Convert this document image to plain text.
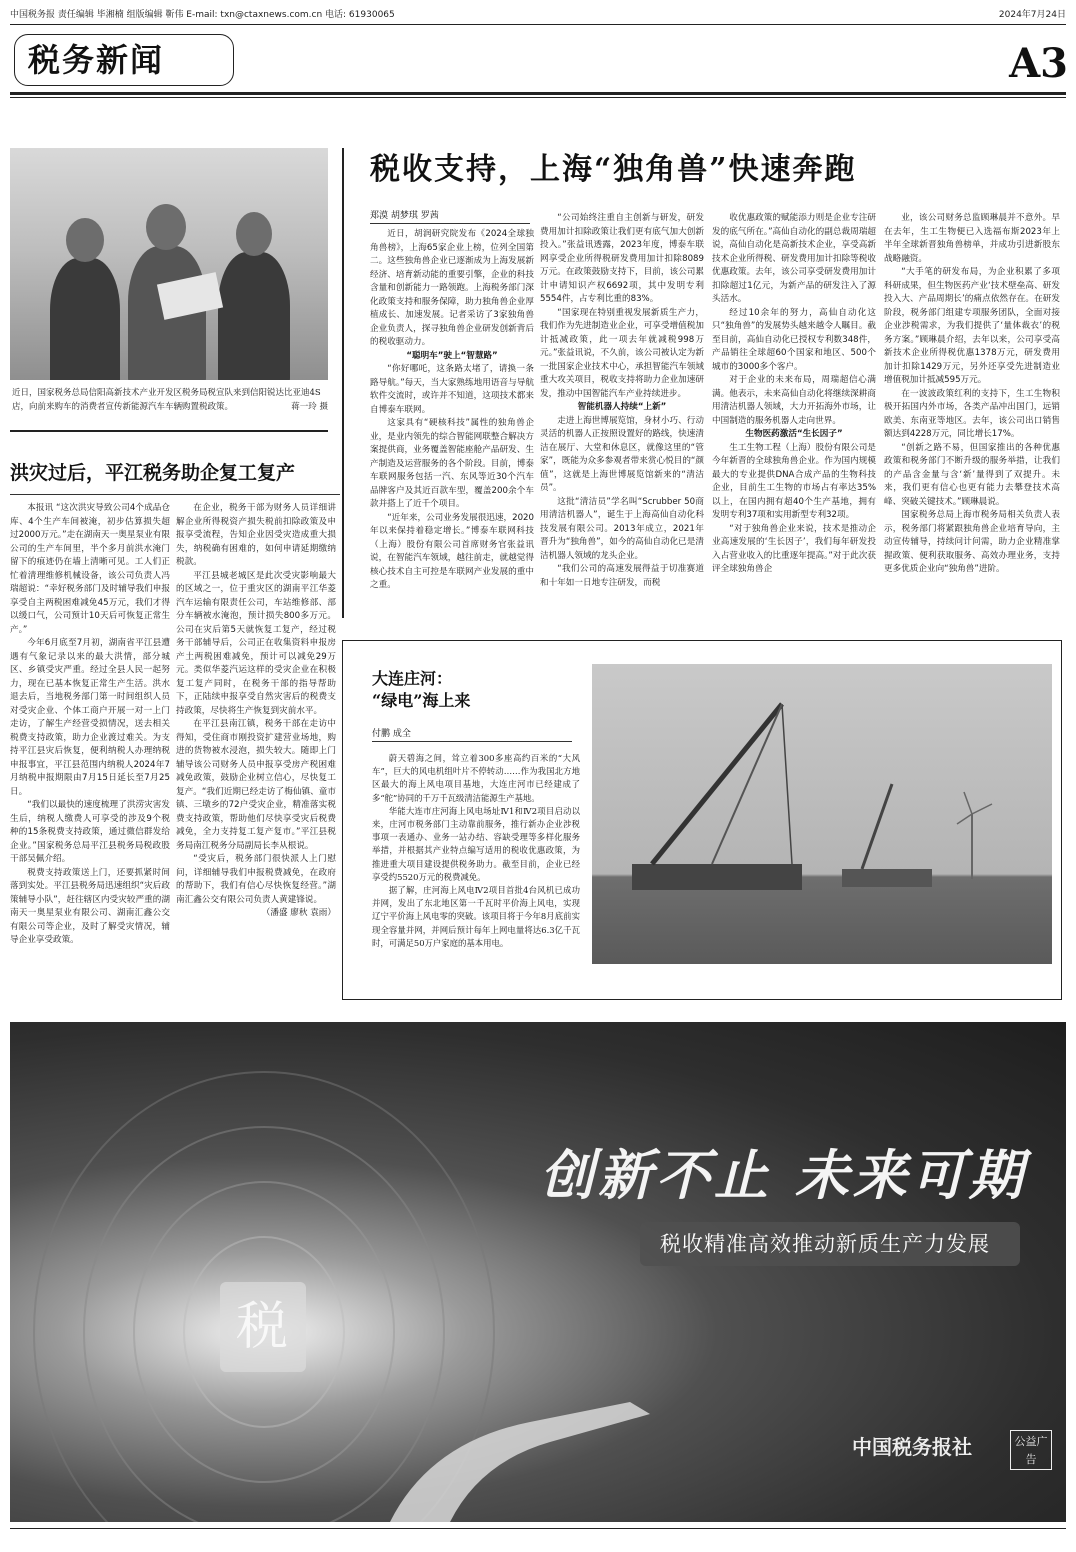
中国税务报 责任编辑 毕湘楠 组版编辑 靳伟 E-mail: txn@ctaxnews.com.cn 电话: 61930065	2024年7月24日
税务新闻	A3
近日，国家税务总局信阳高新技术产业开发区税务局税宣队来到信阳锐达比亚迪4S店，向前来购车的消费者宣传新能源汽车车辆购置税政策。	蒋一玲 摄
洪灾过后，平江税务助企复工复产

本报讯 “这次洪灾导致公司4个成品仓库、4个生产车间被淹，初步估算损失超过2000万元。”走在湖南天一奥星泵业有限公司的生产车间里，半个多月前洪水淹门留下的痕迹仍在墙上清晰可见。工人们正忙着清理维修机械设备，该公司负责人冯瑞超说：“幸好税务部门及时辅导我们申报享受自主两税困难减免45万元，我们才得以缓口气，公司预计10天后可恢复正常生产。”

今年6月底至7月初，湖南省平江县遭遇有气象记录以来的最大洪情，部分城区、乡镇受灾严重。经过全县人民一起努力，现在已基本恢复正常生产生活。洪水退去后，当地税务部门第一时间组织人员对受灾企业、个体工商户开展一对一上门走访，了解生产经营受损情况，送去相关税费支持政策，助力企业渡过难关。为支持平江县灾后恢复，便利纳税人办理纳税申报事宜，平江县范围内纳税人2024年7月纳税申报期限由7月15日延长至7月25日。

“我们以最快的速度梳理了洪涝灾害发生后，纳税人缴费人可享受的涉及9个税种的15条税费支持政策，通过微信群发给企业。”国家税务总局平江县税务局税政股干部吴佩介绍。

税费支持政策送上门，还要抓紧时间落到实处。平江县税务局迅速组织“灾后政策辅导小队”，赶往辖区内受灾较严重的湖南天一奥星泵业有限公司、湖南汇鑫公交有限公司等企业，及时了解受灾情况，辅导企业享受政策。

在企业，税务干部为财务人员详细讲解企业所得税资产损失税前扣除政策及申报享受流程，告知企业因受灾造成重大损失，纳税确有困难的，如何申请延期缴纳税款。

平江县城老城区是此次受灾影响最大的区域之一，位于重灾区的湖南平江华菱汽车运输有限责任公司，车站维修部、部分车辆被水淹泡，预计损失800多万元。公司在灾后第5天就恢复工复产，经过税务干部辅导后，公司正在收集资料申报房产土两税困难减免，预计可以减免29万元。类似华菱汽运这样的受灾企业在积极复工复产同时，在税务干部的指导帮助下，正陆续申报享受自然灾害后的税费支持政策，尽快将生产恢复到灾前水平。

在平江县南江镇，税务干部在走访中得知，受住商市刚投资扩建营业场地，购进的货物被水浸泡，损失较大。随即上门辅导该公司财务人员申报享受房产税困难减免政策，鼓励企业树立信心，尽快复工复产。“我们近期已经走访了梅仙镇、童市镇、三墩乡的72户受灾企业，精准落实税费支持政策，帮助他们尽快享受灾后税费减免，全力支持复工复产复市。”平江县税务局南江税务分局副局长李从根说。

“受灾后，税务部门很快派人上门慰问，详细辅导我们申报税费减免，在政府的帮助下，我们有信心尽快恢复经营。”湖南汇鑫公交有限公司负责人黄建锋说。

（潘盛 廖秋 袁雨）

税收支持，上海“独角兽”快速奔跑
郑漠 胡梦琪 罗茜

近日，胡润研究院发布《2024全球独角兽榜》，上海65家企业上榜，位列全国第二。这些独角兽企业已逐渐成为上海发展新经济、培育新动能的重要引擎，企业的科技含量和创新能力一路领跑。上海税务部门深化政策支持和服务保障，助力独角兽企业厚植成长、加速发展。记者采访了3家独角兽企业负责人，探寻独角兽企业研发创新背后的税收驱动力。

“聪明车”驶上“智慧路”

“你好哪吒，这条路太堵了，请换一条路导航。”每天，当大家熟练地用语音与导航软件交流时，或许并不知道，这项技术都来自博泰车联网。

这家具有“硬核科技”属性的独角兽企业，是业内领先的综合智能网联整合解决方案提供商，业务覆盖智能座舱产品研发、生产制造及运营服务的各个阶段。目前，博泰车联网服务包括一汽、东风等近30个汽车品牌客户及其近百款车型，覆盖200余个车款并搭上了近千个项目。

“近年来，公司业务发展很迅速，2020年以来保持着稳定增长。”博泰车联网科技（上海）股份有限公司首席财务官张益讯说，在智能汽车领域，越往前走，就越觉得核心技术自主可控是车联网产业发展的重中之重。

“公司始终注重自主创新与研发，研发费用加计扣除政策让我们更有底气加大创新投入。”张益讯透露，2023年度，博泰车联网享受企业所得税研发费用加计扣除8089万元。在政策鼓励支持下，目前，该公司累计申请知识产权6692项，其中发明专利5554件，占专利比重的83%。

“国家现在特别重视发展新质生产力，我们作为先进制造业企业，可享受增值税加计抵减政策，此一项去年就减税998万元。”张益讯说，不久前，该公司被认定为新一批国家企业技术中心，承担智能汽车领域重大攻关项目，税收支持将助力企业加速研发，推动中国智能汽车产业持续进步。

智能机器人持续“上新”

走进上海世博展览馆，身材小巧、行动灵活的机器人正按照设置好的路线，快速清洁在展厅、大堂和休息区，就像这里的“管家”，既能为众多参观者带来赏心悦目的“颜值”，这就是上海世博展览馆新来的“清洁员”。

这批“清洁员”学名叫“Scrubber 50商用清洁机器人”，诞生于上海高仙自动化科技发展有限公司。2013年成立，2021年晋升为“独角兽”，如今的高仙自动化已是清洁机器人领域的龙头企业。

“我们公司的高速发展得益于切准赛道和十年如一日地专注研发，而税

收优惠政策的赋能添力则是企业专注研发的底气所在。”高仙自动化的副总裁周瑞超说，高仙自动化是高新技术企业，享受高新技术企业所得税、研发费用加计扣除等税收优惠政策。去年，该公司享受研发费用加计扣除超过1亿元，为新产品的研发注入了源头活水。

经过10余年的努力，高仙自动化这只“独角兽”的发展势头越来越令人瞩目。截至目前，高仙自动化已授权专利数348件，产品销往全球超60个国家和地区、500个城市的3000多个客户。

对于企业的未来布局，周瑞超信心满满。他表示，未来高仙自动化将继续深耕商用清洁机器人领域，大力开拓海外市场，让中国制造的服务机器人走向世界。

生物医药激活“生长因子”

生工生物工程（上海）股份有限公司是今年新晋的全球独角兽企业。作为国内规模最大的专业提供DNA合成产品的生物科技企业，目前生工生物的市场占有率达35%以上，在国内拥有超40个生产基地，拥有发明专利37项和实用新型专利32项。

“对于独角兽企业来说，技术是推动企业高速发展的‘生长因子’，我们每年研发投入占营业收入的比重逐年提高。”对于此次获评全球独角兽企

业，该公司财务总监顾琳晨并不意外。早在去年，生工生物便已入选福布斯2023年上半年全球新晋独角兽榜单，并成功引进新股东战略融资。

“大手笔的研发布局，为企业积累了多项科研成果，但生物医药产业‘技术壁垒高、研发投入大、产品周期长’的痛点依然存在。在研发阶段，税务部门组建专项服务团队，全面对接企业涉税需求，为我们提供了‘量体裁衣’的税务方案。”顾琳晨介绍，去年以来，公司享受高新技术企业所得税优惠1378万元，研发费用加计扣除1429万元，另外还享受先进制造业增值税加计抵减595万元。

在一波波政策红利的支持下，生工生物积极开拓国内外市场，各类产品冲出国门，远销欧美、东南亚等地区。去年，该公司出口销售额达到4228万元，同比增长17%。

“创新之路不易，但国家推出的各种优惠政策和税务部门不断升级的服务举措，让我们的产品含金量与含‘新’量得到了双提升。未来，我们更有信心也更有能力去攀登技术高峰、突破关键技术。”顾琳晨说。

国家税务总局上海市税务局相关负责人表示，税务部门将紧跟独角兽企业培育导向，主动宣传辅导，持续问计问需，助力企业精准掌握政策、便利获取服务、高效办理业务，支持更多优质企业向“独角兽”进阶。

大连庄河：
“绿电”海上来
付鹏 成全

蔚天碧海之间，耸立着300多座高约百米的“大风车”，巨大的风电机组叶片不停转动……作为我国北方地区最大的海上风电项目基地，大连庄河市已经建成了多“舵”协同的千万千瓦级清洁能源生产基地。

华能大连市庄河海上风电场址Ⅳ1和Ⅳ2项目启动以来，庄河市税务部门主动靠前服务，推行新办企业涉税事项一表通办、业务一站办结、容缺受理等多样化服务举措，并根据其产业特点编写适用的税收优惠政策，为推进重大项目建设提供税务助力。截至目前，企业已经享受约5520万元的税费减免。

据了解，庄河海上风电Ⅳ2项目首批4台风机已成功并网，发出了东北地区第一千瓦时平价海上风电，实现辽宁平价海上风电零的突破。该项目将于今年8月底前实现全容量并网，并网后预计每年上网电量将达6.3亿千瓦时，可满足50万户家庭的基本用电。

税
创新不止 未来可期
税收精准高效推动新质生产力发展
中国税务报社	公益广告
